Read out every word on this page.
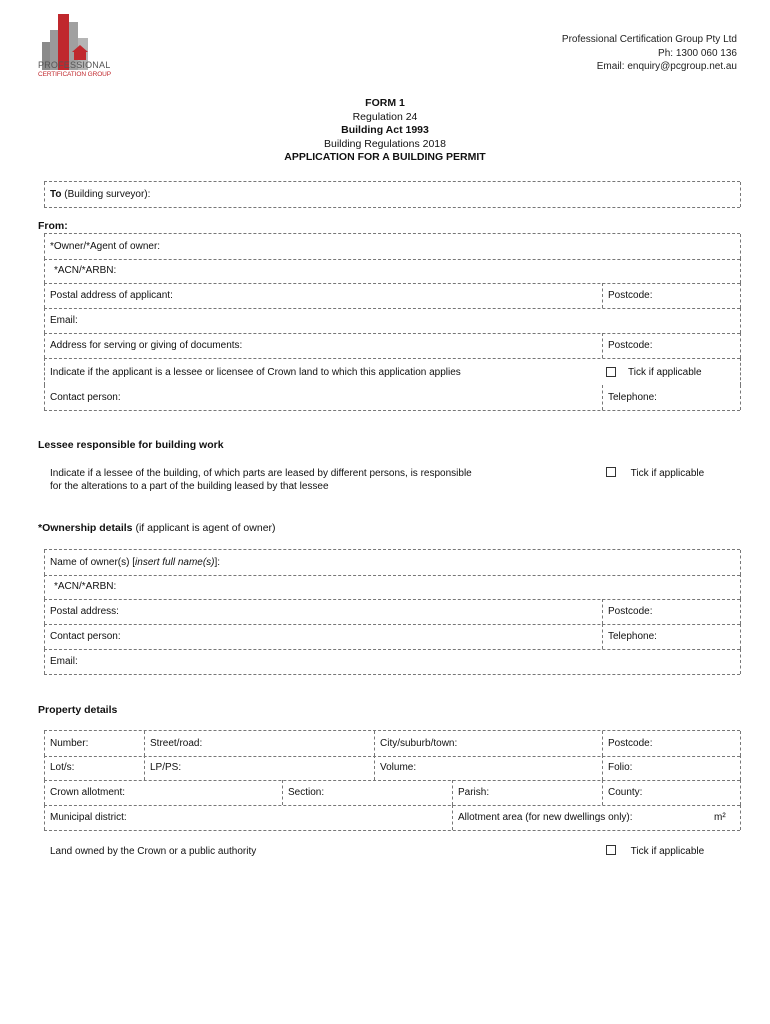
PROFESSIONAL
CERTIFICATION GROUP
Professional Certification Group Pty Ltd
Ph: 1300 060 136
Email: enquiry@pcgroup.net.au
FORM 1
Regulation 24
Building Act 1993
Building Regulations 2018
APPLICATION FOR A BUILDING PERMIT
To (Building surveyor):
From:
*Owner/*Agent of owner:
*ACN/*ARBN:
Postal address of applicant:	Postcode:
Email:
Address for serving or giving of documents:	Postcode:
Indicate if the applicant is a lessee or licensee of Crown land to which this application applies	Tick if applicable
Contact person:	Telephone:
Lessee responsible for building work
Indicate if a lessee of the building, of which parts are leased by different persons, is responsible
for the alterations to a part of the building leased by that lessee
Tick if applicable
*Ownership details (if applicant is agent of owner)
Name of owner(s) [ insert full name(s) ]:
*ACN/*ARBN:
Postal address:	Postcode:
Contact person:	Telephone:
Email:
Property details
Number:	Street/road:	City/suburb/town:	Postcode:
Lot/s:	LP/PS:	Volume:	Folio:
Crown allotment:	Section:	Parish:	County:
Municipal district:	Allotment area (for new dwellings only):	m²
Land owned by the Crown or a public authority	Tick if applicable
